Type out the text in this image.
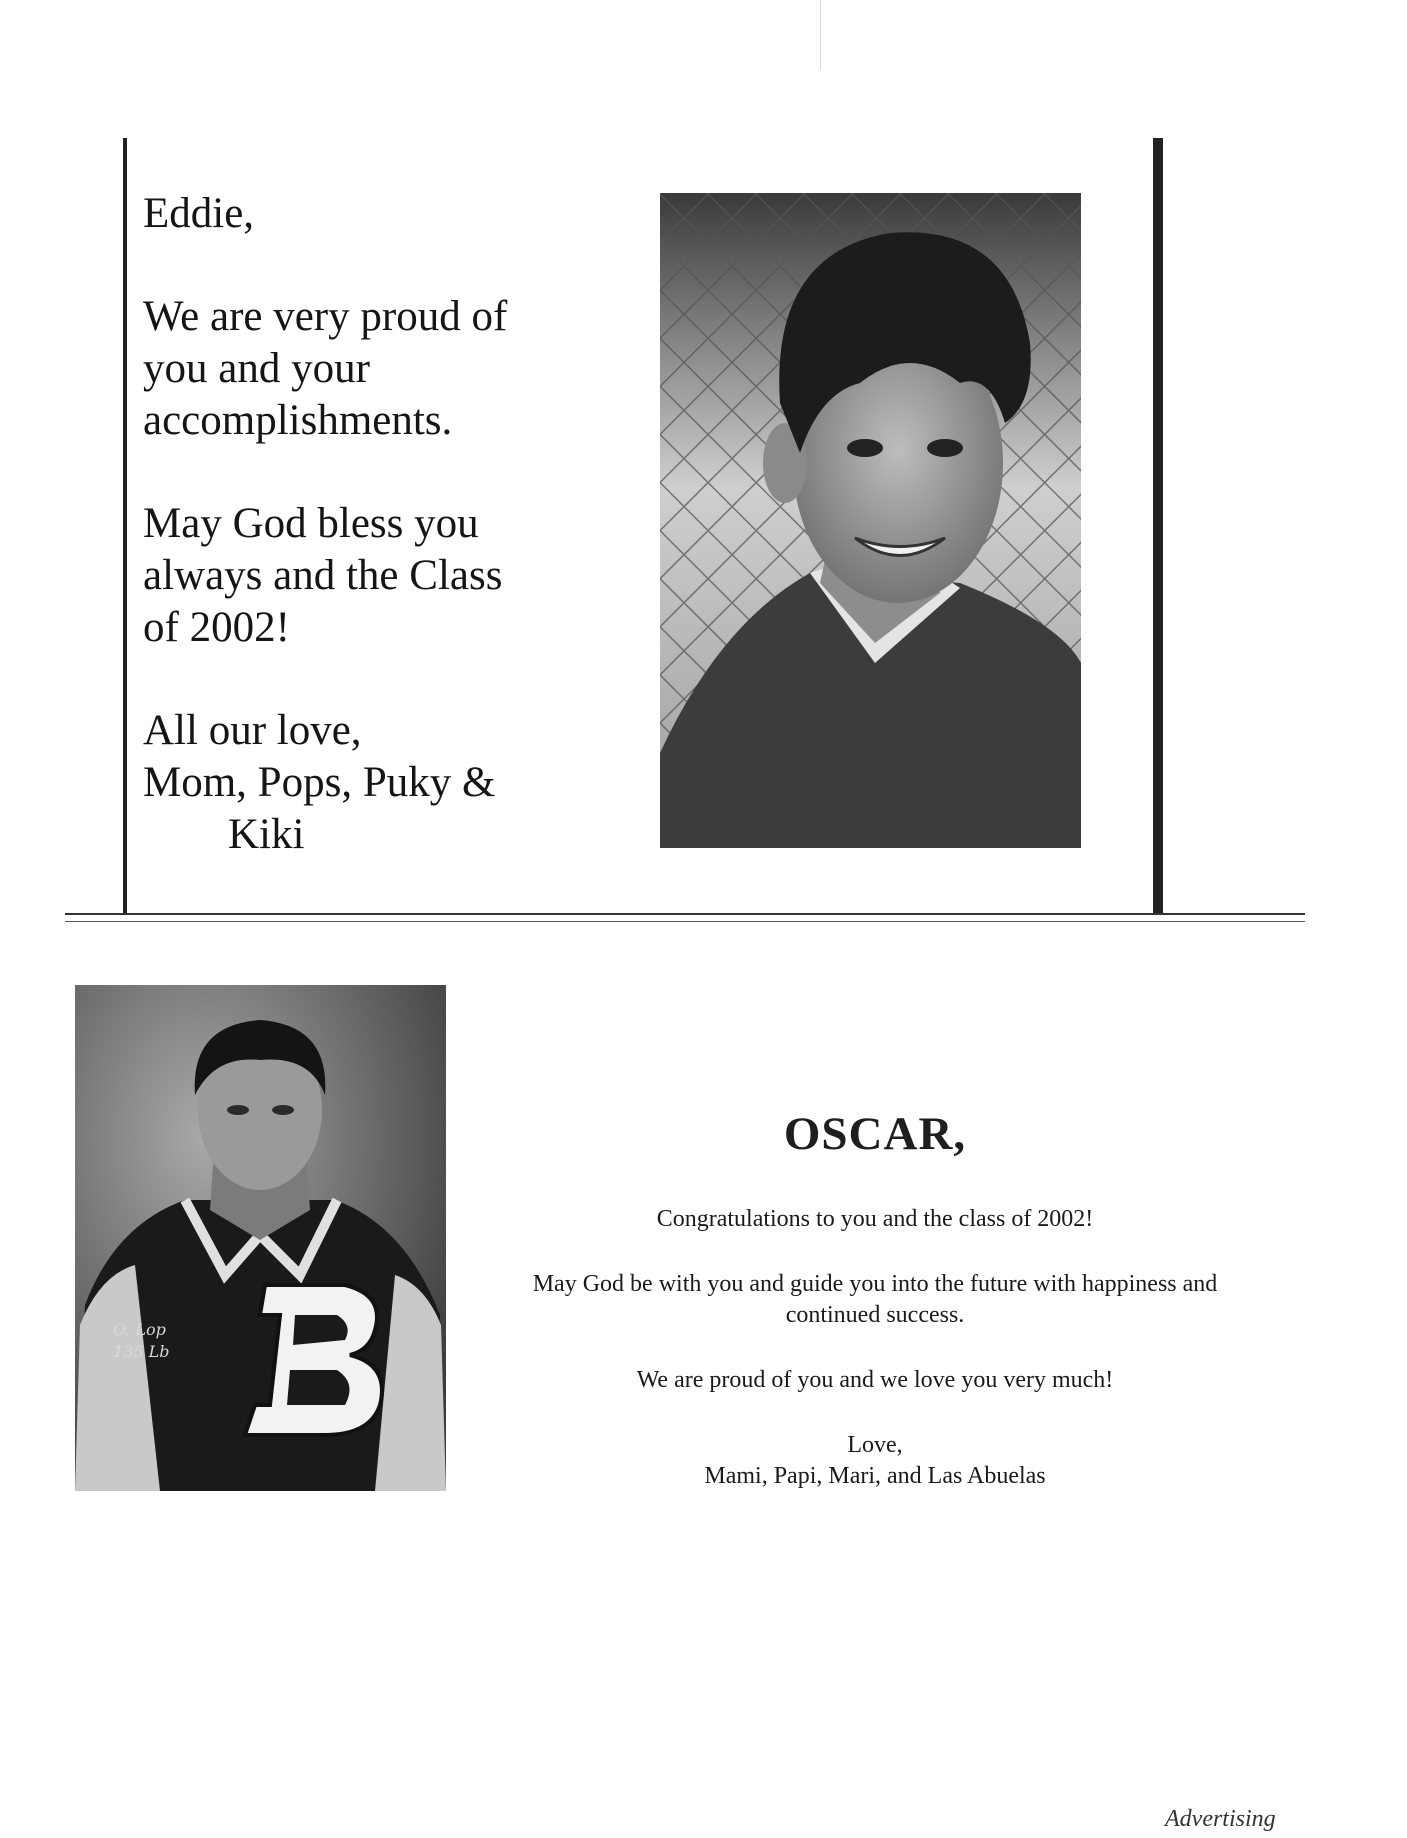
Eddie,

We are very proud of
you and your
accomplishments.

May God bless you
always and the Class
of 2002!

All our love,
Mom, Pops, Puky &
Kiki

O. Lop
135 Lb
OSCAR,

Congratulations to you and the class of 2002!

May God be with you and guide you into the future with happiness and
continued success.

We are proud of you and we love you very much!

Love,
Mami, Papi, Mari, and Las Abuelas

Advertising
